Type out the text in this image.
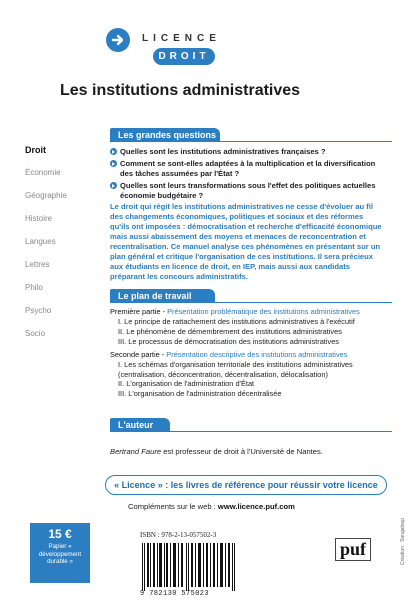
LICENCE
DROIT
Les institutions administratives
Droit
Économie
Géographie
Histoire
Langues
Lettres
Philo
Psycho
Socio
Les grandes questions
Quelles sont les institutions administratives françaises ?
Comment se sont-elles adaptées à la multiplication et la diversification des tâches assumées par l'État ?
Quelles sont leurs transformations sous l'effet des politiques actuelles économie budgétaire ?
Le droit qui régit les institutions administratives ne cesse d'évoluer au fil des changements économiques, politiques et sociaux et des réformes qu'ils ont imposées : démocratisation et recherche d'efficacité économique mais aussi abaissement des moyens et menaces de reconcentration et recentralisation. Ce manuel analyse ces phénomènes en présentant sur un plan général et critique l'organisation de ces institutions. Il sera précieux aux étudiants en licence de droit, en IEP, mais aussi aux candidats préparant les concours administratifs.
Le plan de travail
Première partie - Présentation problématique des institutions administratives
I. Le principe de rattachement des institutions administratives à l'exécutif
II. Le phénomène de démembrement des institutions administratives
III. Le processus de démocratisation des institutions administratives
Seconde partie - Présentation descriptive des institutions administratives
I. Les schémas d'organisation territoriale des institutions administratives (centralisation, déconcentration, décentralisation, délocalisation)
II. L'organisation de l'administration d'État
III. L'organisation de l'administration décentralisée
L'auteur
Bertrand Faure est professeur de droit à l'Université de Nantes.
« Licence » : les livres de référence pour réussir votre licence
Compléments sur le web : www.licence.puf.com
15 €
Papier « développement durable »
ISBN : 978-2-13-057502-3
9 782130 575023
puf	Création : Sangaloop
